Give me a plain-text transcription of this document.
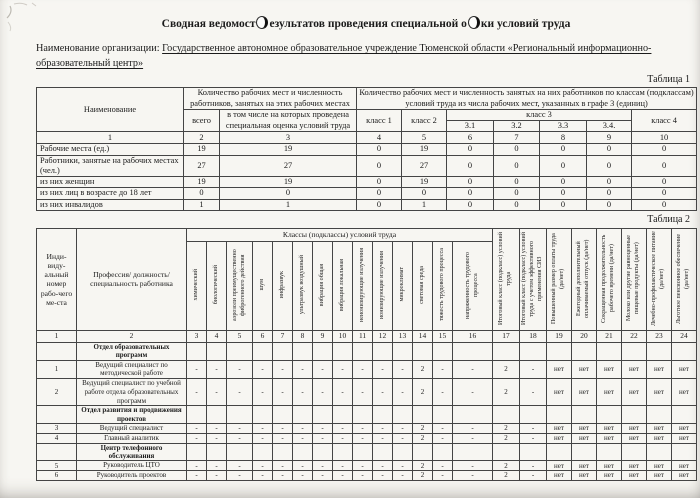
Сводная ведомост езультатов проведения специальной о ки условий труда
Наименование организации: Государственное автономное образовательное учреждение Тюменской области «Региональный информационно-
образовательный центр»
Таблица 1
Наименование	Количество рабочих мест и численность работников, занятых на этих рабочих местах		Количество рабочих мест и численность занятых на них работников по классам (подклассам) условий труда из числа рабочих мест, указанных в графе 3 (единиц)						
	всего	в том числе на которых проведена специальная оценка условий труда	класс 1	класс 2	класс 3				класс 4
					3.1	3.2	3.3	3.4.	
1	2	3	4	5	6	7	8	9	10
Рабочие места (ед.)	19	19	0	19	0	0	0	0	0
Работники, занятые на рабочих местах (чел.)	27	27	0	27	0	0	0	0	0
из них женщин	19	19	0	19	0	0	0	0	0
из них лиц в возрасте до 18 лет	0	0	0	0	0	0	0	0	0
из них инвалидов	1	1	0	1	0	0	0	0	0
Таблица 2
Инди-виду-альный номер рабо-чего ме-ста	Профессия/ должность/ специальность работника	Классы (подклассы) условий труда														Итоговый класс (подкласс) условий труда	Итоговый класс (подкласс) условий труда с учетом эффективного применения СИЗ	Повышенный размер оплаты труда (да/нет)	Ежегодный дополнительный оплачиваемый отпуск (да/нет)	Сокращенная продолжительность рабочего времени (да/нет)	Молоко или другие равноценные пищевые продукты (да/нет)	Лечебно-профилактическое питание (да/нет)	Льготное пенсионное обеспечение (да/нет)
		химический	биологический	аэрозоли преимущественно фиброгенного действия	шум	инфразвук	ультразвук воздушный	вибрация общая	вибрация локальная	неионизирующие излучения	ионизирующие излучения	микроклимат	световая среда	тяжесть трудового процесса	напряженность трудового процесса								
1	2	3	4	5	6	7	8	9	10	11	12	13	14	15	16	17	18	19	20	21	22	23	24
	Отдел образовательных программ																						
1	Ведущий специалист по методической работе	-	-	-	-	-	-	-	-	-	-	-	2	-	-	2	-	нет	нет	нет	нет	нет	нет
2	Ведущий специалист по учебной работе отдела образовательных программ	-	-	-	-	-	-	-	-	-	-	-	2	-	-	2	-	нет	нет	нет	нет	нет	нет
	Отдел развития и продвижения проектов																						
3	Ведущий специалист	-	-	-	-	-	-	-	-	-	-	-	2	-	-	2	-	нет	нет	нет	нет	нет	нет
4	Главный аналитик	-	-	-	-	-	-	-	-	-	-	-	2	-	-	2	-	нет	нет	нет	нет	нет	нет
	Центр телефонного обслуживания																						
5	Руководитель ЦТО	-	-	-	-	-	-	-	-	-	-	-	2	-	-	2	-	нет	нет	нет	нет	нет	нет
6	Руководитель проектов	-	-	-	-	-	-	-	-	-	-	-	2	-	-	2	-	нет	нет	нет	нет	нет	нет
